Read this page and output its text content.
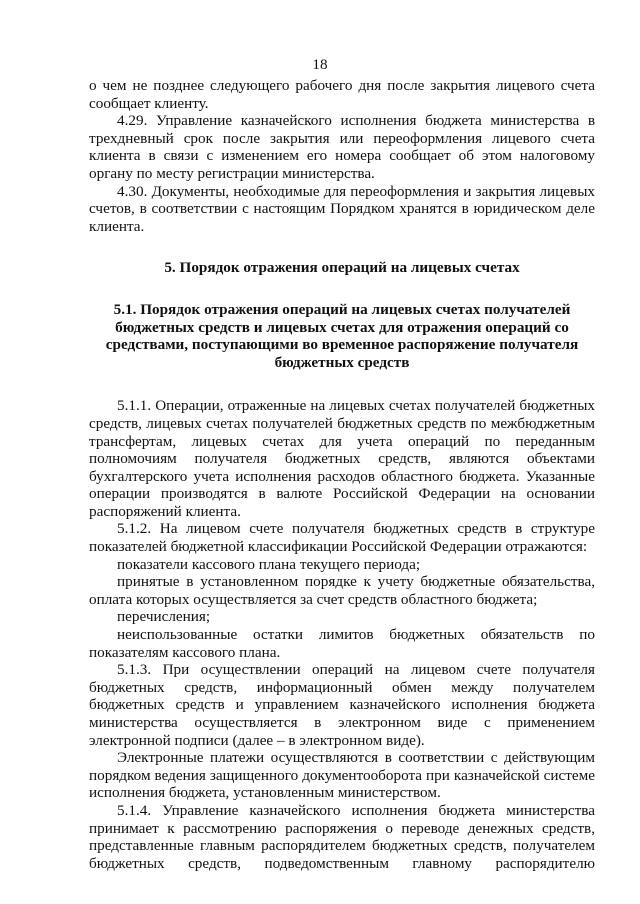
18

о чем не позднее следующего рабочего дня после закрытия лицевого счета сообщает клиенту.

4.29. Управление казначейского исполнения бюджета министерства в трехдневный срок после закрытия или переоформления лицевого счета клиента в связи с изменением его номера сообщает об этом налоговому органу по месту регистрации министерства.

4.30. Документы, необходимые для переоформления и закрытия лицевых счетов, в соответствии с настоящим Порядком хранятся в юридическом деле клиента.

5. Порядок отражения операций на лицевых счетах

5.1. Порядок отражения операций на лицевых счетах получателей бюджетных средств и лицевых счетах для отражения операций со средствами, поступающими во временное распоряжение получателя бюджетных средств

5.1.1. Операции, отраженные на лицевых счетах получателей бюджетных средств, лицевых счетах получателей бюджетных средств по межбюджетным трансфертам, лицевых счетах для учета операций по переданным полномочиям получателя бюджетных средств, являются объектами бухгалтерского учета исполнения расходов областного бюджета. Указанные операции производятся в валюте Российской Федерации на основании распоряжений клиента.

5.1.2. На лицевом счете получателя бюджетных средств в структуре показателей бюджетной классификации Российской Федерации отражаются:

показатели кассового плана текущего периода;

принятые в установленном порядке к учету бюджетные обязательства, оплата которых осуществляется за счет средств областного бюджета;

перечисления;

неиспользованные остатки лимитов бюджетных обязательств по показателям кассового плана.

5.1.3. При осуществлении операций на лицевом счете получателя бюджетных средств, информационный обмен между получателем бюджетных средств и управлением казначейского исполнения бюджета министерства осуществляется в электронном виде с применением электронной подписи (далее – в электронном виде).

Электронные платежи осуществляются в соответствии с действующим порядком ведения защищенного документооборота при казначейской системе исполнения бюджета, установленным министерством.

5.1.4. Управление казначейского исполнения бюджета министерства принимает к рассмотрению распоряжения о переводе денежных средств, представленные главным распорядителем бюджетных средств, получателем бюджетных средств, подведомственным главному распорядителю
